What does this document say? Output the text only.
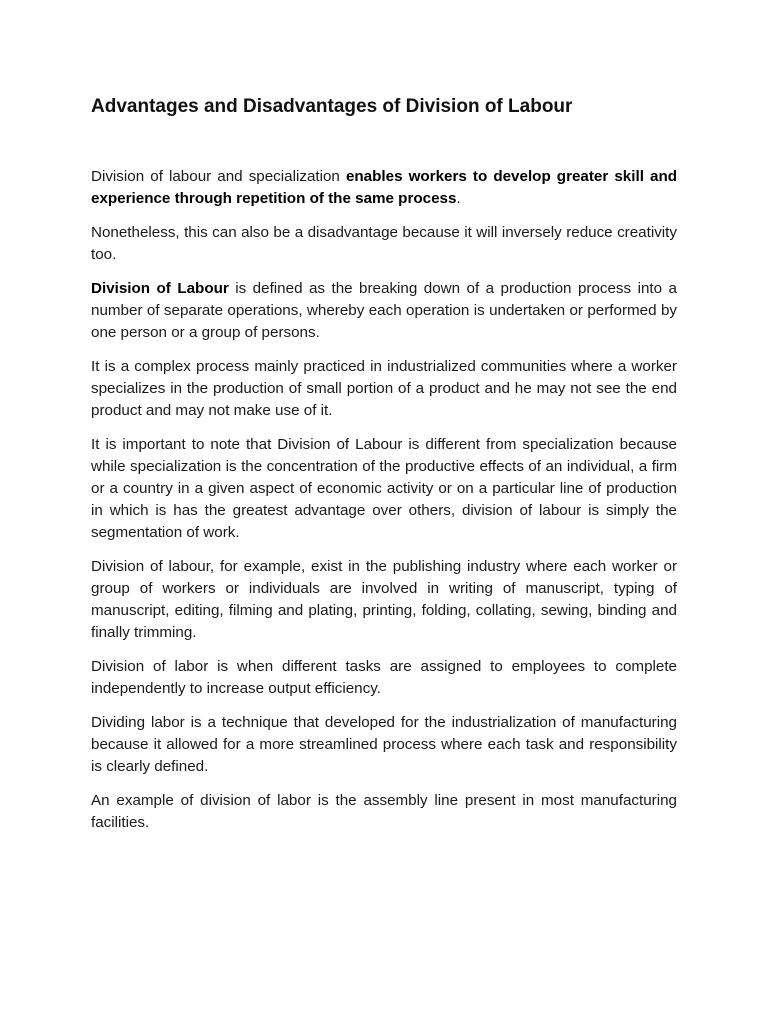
Advantages and Disadvantages of Division of Labour

Division of labour and specialization enables workers to develop greater skill and experience through repetition of the same process.

Nonetheless, this can also be a disadvantage because it will inversely reduce creativity too.

Division of Labour is defined as the breaking down of a production process into a number of separate operations, whereby each operation is undertaken or performed by one person or a group of persons.

It is a complex process mainly practiced in industrialized communities where a worker specializes in the production of small portion of a product and he may not see the end product and may not make use of it.

It is important to note that Division of Labour is different from specialization because while specialization is the concentration of the productive effects of an individual, a firm or a country in a given aspect of economic activity or on a particular line of production in which is has the greatest advantage over others, division of labour is simply the segmentation of work.

Division of labour, for example, exist in the publishing industry where each worker or group of workers or individuals are involved in writing of manuscript, typing of manuscript, editing, filming and plating, printing, folding, collating, sewing, binding and finally trimming.

Division of labor is when different tasks are assigned to employees to complete independently to increase output efficiency.

Dividing labor is a technique that developed for the industrialization of manufacturing because it allowed for a more streamlined process where each task and responsibility is clearly defined.

An example of division of labor is the assembly line present in most manufacturing facilities.
